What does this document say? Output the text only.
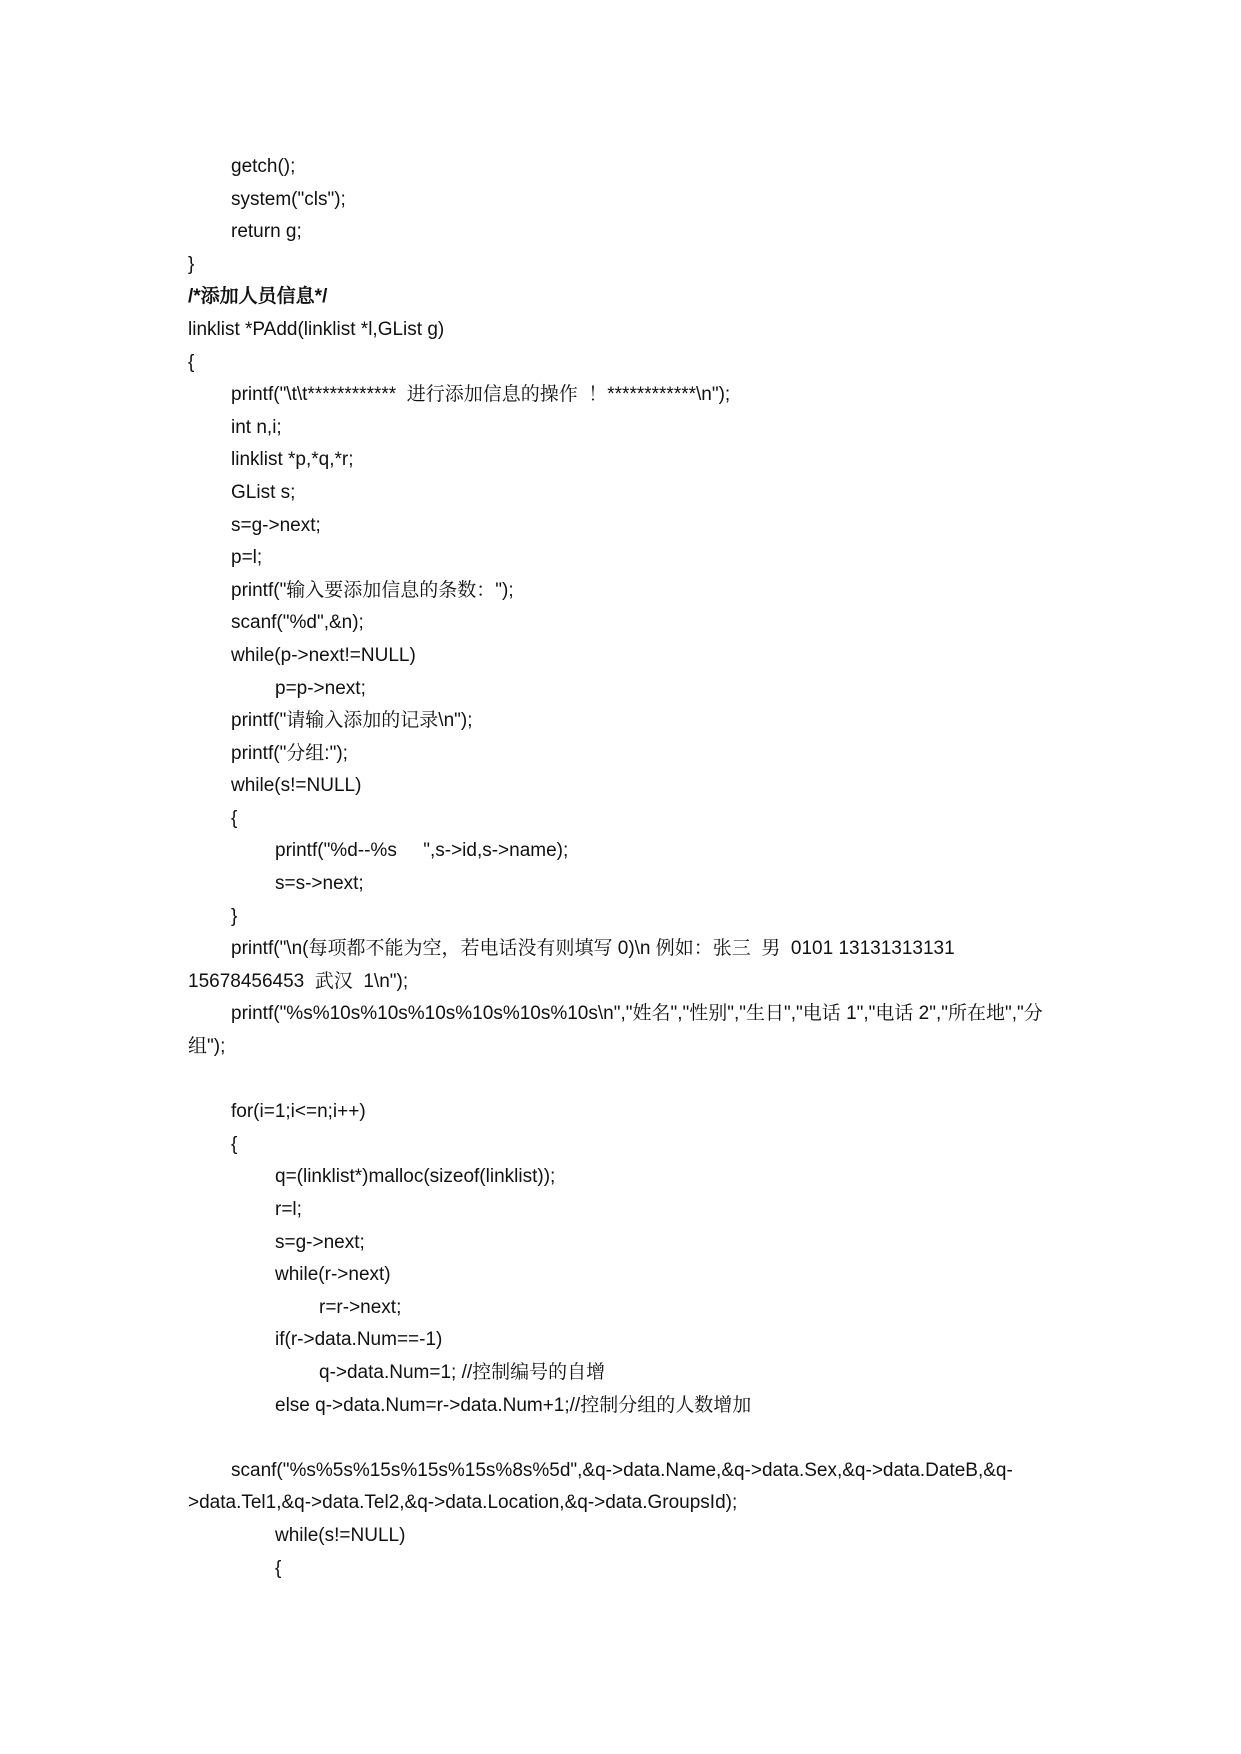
getch();
system("cls");
return g;
}
/*添加人员信息*/
linklist *PAdd(linklist *l,GList g)
{
printf("\t\t************  进行添加信息的操作  ！************\n");
int n,i;
linklist *p,*q,*r;
GList s;
s=g->next;
p=l;
printf("输入要添加信息的条数：");
scanf("%d",&n);
while(p->next!=NULL)
p=p->next;
printf("请输入添加的记录\n");
printf("分组:");
while(s!=NULL)
{
printf("%d--%s     ",s->id,s->name);
s=s->next;
}
printf("\n(每项都不能为空，若电话没有则填写 0)\n 例如：张三  男  0101 13131313131 15678456453  武汉  1\n");
printf("%s%10s%10s%10s%10s%10s%10s\n","姓名","性别","生日","电话 1","电话 2","所在地","分组");
for(i=1;i<=n;i++)
{
q=(linklist*)malloc(sizeof(linklist));
r=l;
s=g->next;
while(r->next)
r=r->next;
if(r->data.Num==-1)
q->data.Num=1; //控制编号的自增
else q->data.Num=r->data.Num+1;//控制分组的人数增加
scanf("%s%5s%15s%15s%15s%8s%5d",&q->data.Name,&q->data.Sex,&q->data.DateB,&q->data.Tel1,&q->data.Tel2,&q->data.Location,&q->data.GroupsId);
while(s!=NULL)
{
